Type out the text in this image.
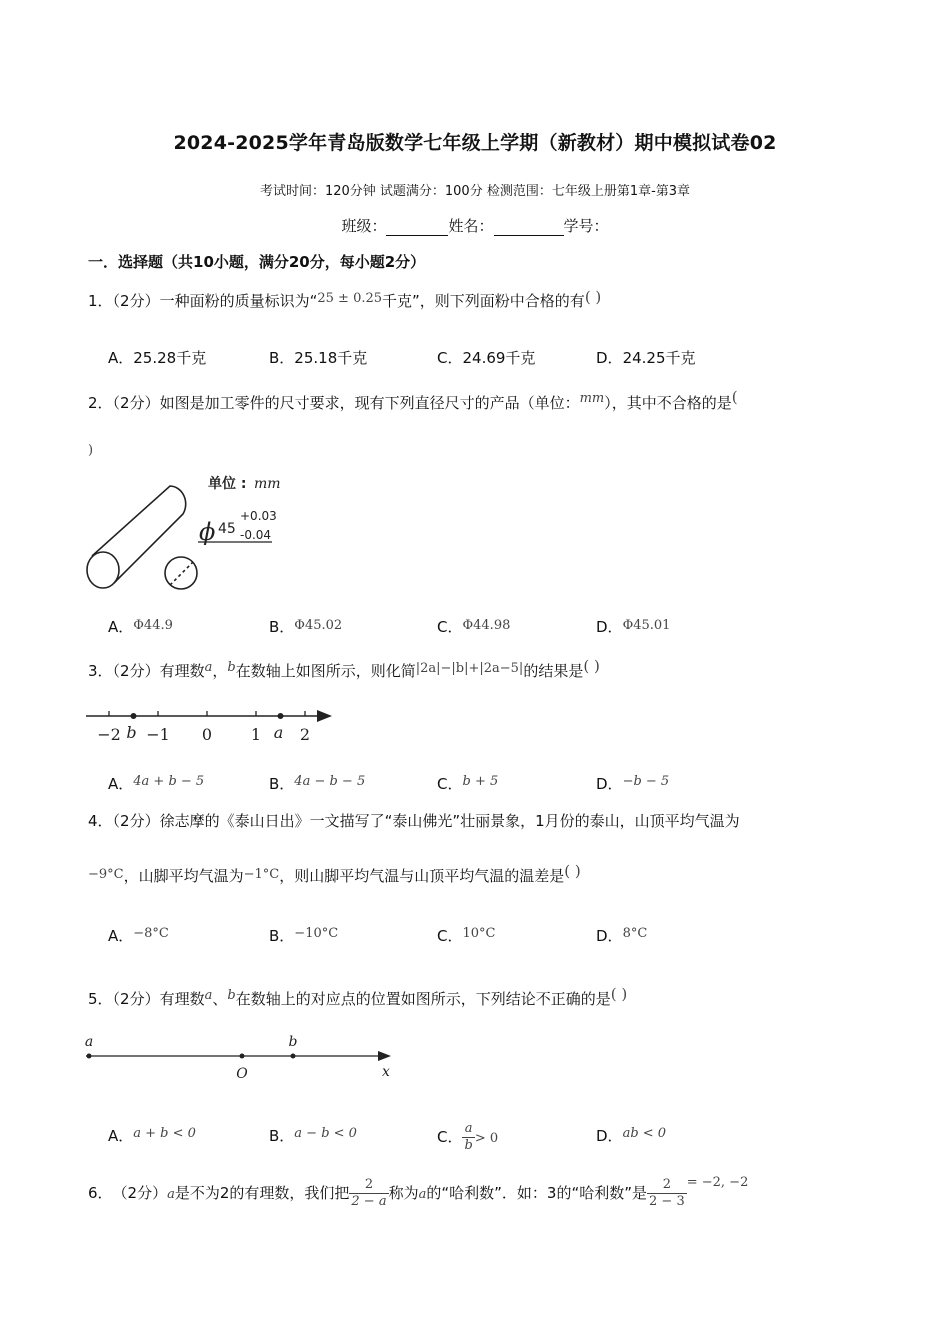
2024-2025学年青岛版数学七年级上学期（新教材）期中模拟试卷02
考试时间：120分钟 试题满分：100分 检测范围：七年级上册第1章-第3章
班级：	姓名：	学号：
一．选择题（共10小题，满分20分，每小题2分）
1．（2分）一种面粉的质量标识为“25 ± 0.25千克”，则下列面粉中合格的有( )
A．25.28千克	B．25.18千克	C．24.69千克	D．24.25千克
2．（2分）如图是加工零件的尺寸要求，现有下列直径尺寸的产品（单位：mm），其中不合格的是(
)
单位 : mm
ϕ 45
+0.03
-0.04
A．Φ44.9	B．Φ45.02	C．Φ44.98	D．Φ45.01
3．（2分）有理数a，b在数轴上如图所示，则化简|2a|−|b|+|2a−5|的结果是( )
−2 −1 0 1 2
b	a
A．4a + b − 5	B．4a − b − 5	C．b + 5	D．−b − 5
4．（2分）徐志摩的《泰山日出》一文描写了“泰山佛光”壮丽景象，1月份的泰山，山顶平均气温为
−9°C，山脚平均气温为−1°C，则山脚平均气温与山顶平均气温的温差是( )
A．−8°C	B．−10°C	C．10°C	D．8°C
5．（2分）有理数a、b在数轴上的对应点的位置如图所示，下列结论不正确的是( )
a
O
b
x
A．a + b < 0	B．a − b < 0	C． $\frac{a}{b} > 0$	D．ab < 0
6．（2分）a是不为2的有理数，我们把 $\frac{2}{2 - a}$ 称为a的“哈利数”．如：3的“哈利数”是 $\frac{2}{2 - 3} = -2$, −2
